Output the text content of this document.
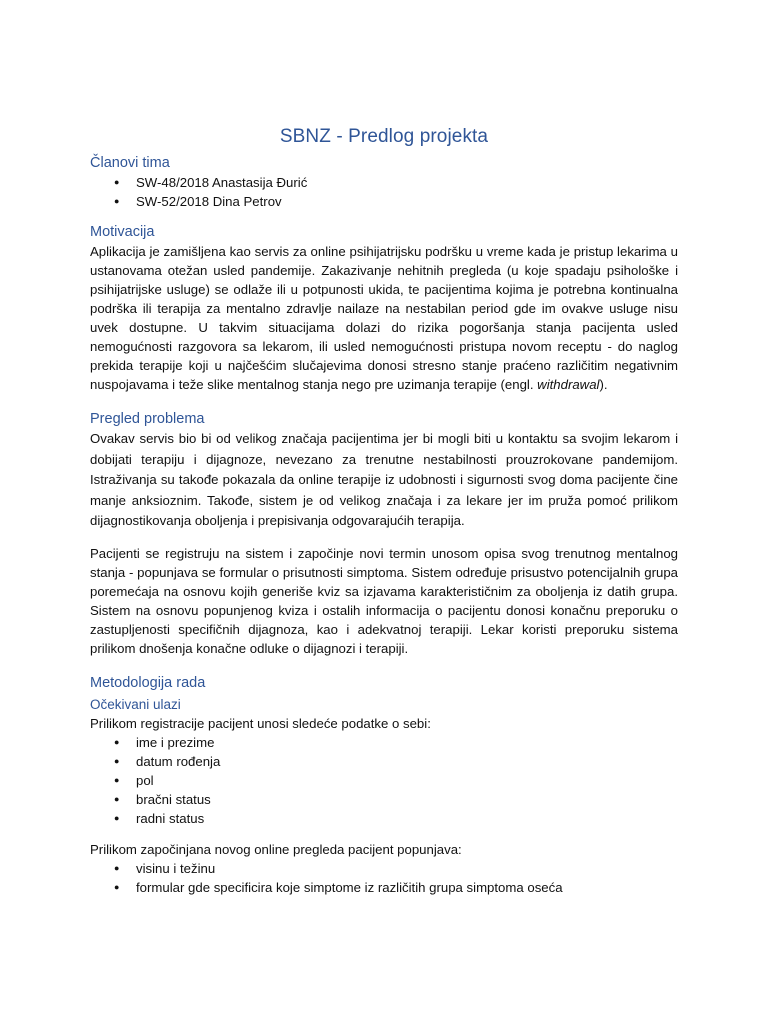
SBNZ - Predlog projekta
Članovi tima
● SW-48/2018 Anastasija Đurić
● SW-52/2018 Dina Petrov
Motivacija

Aplikacija je zamišljena kao servis za online psihijatrijsku podršku u vreme kada je pristup lekarima u ustanovama otežan usled pandemije. Zakazivanje nehitnih pregleda (u koje spadaju psihološke i psihijatrijske usluge) se odlaže ili u potpunosti ukida, te pacijentima kojima je potrebna kontinualna podrška ili terapija za mentalno zdravlje nailaze na nestabilan period gde im ovakve usluge nisu uvek dostupne. U takvim situacijama dolazi do rizika pogoršanja stanja pacijenta usled nemogućnosti razgovora sa lekarom, ili usled nemogućnosti pristupa novom receptu - do naglog prekida terapije koji u najčešćim slučajevima donosi stresno stanje praćeno različitim negativnim nuspojavama i teže slike mentalnog stanja nego pre uzimanja terapije (engl. withdrawal).

Pregled problema

Ovakav servis bio bi od velikog značaja pacijentima jer bi mogli biti u kontaktu sa svojim lekarom i dobijati terapiju i dijagnoze, nevezano za trenutne nestabilnosti prouzrokovane pandemijom. Istraživanja su takođe pokazala da online terapije iz udobnosti i sigurnosti svog doma pacijente čine manje anksioznim. Takođe, sistem je od velikog značaja i za lekare jer im pruža pomoć prilikom dijagnostikovanja oboljenja i prepisivanja odgovarajućih terapija.

Pacijenti se registruju na sistem i započinje novi termin unosom opisa svog trenutnog mentalnog stanja - popunjava se formular o prisutnosti simptoma. Sistem određuje prisustvo potencijalnih grupa poremećaja na osnovu kojih generiše kviz sa izjavama karakterističnim za oboljenja iz datih grupa. Sistem na osnovu popunjenog kviza i ostalih informacija o pacijentu donosi konačnu preporuku o zastupljenosti specifičnih dijagnoza, kao i adekvatnoj terapiji. Lekar koristi preporuku sistema prilikom dnošenja konačne odluke o dijagnozi i terapiji.

Metodologija rada
Očekivani ulazi

Prilikom registracije pacijent unosi sledeće podatke o sebi:

● ime i prezime
● datum rođenja
● pol
● bračni status
● radni status

Prilikom započinjana novog online pregleda pacijent popunjava:

● visinu i težinu
● formular gde specificira koje simptome iz različitih grupa simptoma oseća
